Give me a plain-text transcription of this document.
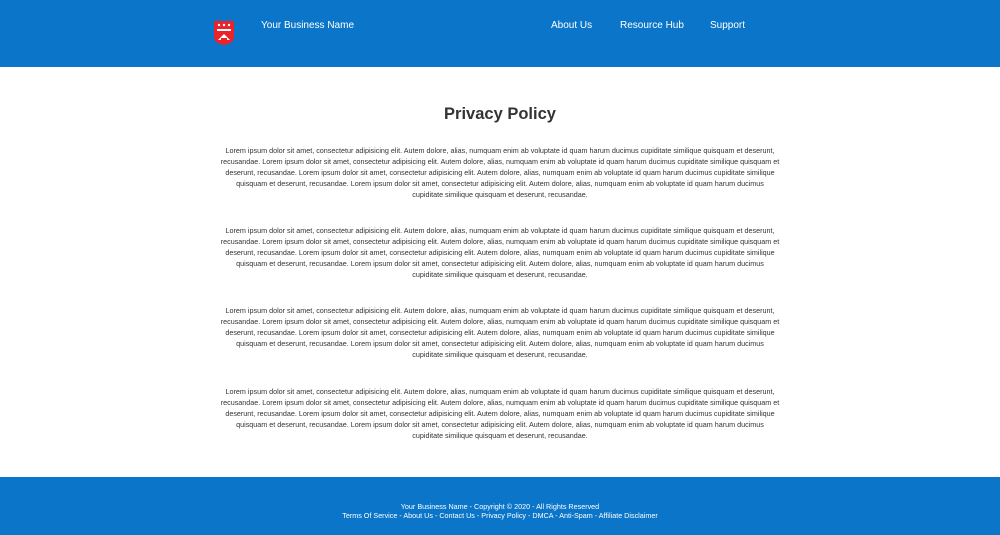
Your Business Name	About Us	Resource Hub	Support
Privacy Policy

Lorem ipsum dolor sit amet, consectetur adipisicing elit. Autem dolore, alias, numquam enim ab voluptate id quam harum ducimus cupiditate similique quisquam et deserunt, recusandae. Lorem ipsum dolor sit amet, consectetur adipisicing elit. Autem dolore, alias, numquam enim ab voluptate id quam harum ducimus cupiditate similique quisquam et deserunt, recusandae. Lorem ipsum dolor sit amet, consectetur adipisicing elit. Autem dolore, alias, numquam enim ab voluptate id quam harum ducimus cupiditate similique quisquam et deserunt, recusandae. Lorem ipsum dolor sit amet, consectetur adipisicing elit. Autem dolore, alias, numquam enim ab voluptate id quam harum ducimus cupiditate similique quisquam et deserunt, recusandae.

Lorem ipsum dolor sit amet, consectetur adipisicing elit. Autem dolore, alias, numquam enim ab voluptate id quam harum ducimus cupiditate similique quisquam et deserunt, recusandae. Lorem ipsum dolor sit amet, consectetur adipisicing elit. Autem dolore, alias, numquam enim ab voluptate id quam harum ducimus cupiditate similique quisquam et deserunt, recusandae. Lorem ipsum dolor sit amet, consectetur adipisicing elit. Autem dolore, alias, numquam enim ab voluptate id quam harum ducimus cupiditate similique quisquam et deserunt, recusandae. Lorem ipsum dolor sit amet, consectetur adipisicing elit. Autem dolore, alias, numquam enim ab voluptate id quam harum ducimus cupiditate similique quisquam et deserunt, recusandae.

Lorem ipsum dolor sit amet, consectetur adipisicing elit. Autem dolore, alias, numquam enim ab voluptate id quam harum ducimus cupiditate similique quisquam et deserunt, recusandae. Lorem ipsum dolor sit amet, consectetur adipisicing elit. Autem dolore, alias, numquam enim ab voluptate id quam harum ducimus cupiditate similique quisquam et deserunt, recusandae. Lorem ipsum dolor sit amet, consectetur adipisicing elit. Autem dolore, alias, numquam enim ab voluptate id quam harum ducimus cupiditate similique quisquam et deserunt, recusandae. Lorem ipsum dolor sit amet, consectetur adipisicing elit. Autem dolore, alias, numquam enim ab voluptate id quam harum ducimus cupiditate similique quisquam et deserunt, recusandae.

Lorem ipsum dolor sit amet, consectetur adipisicing elit. Autem dolore, alias, numquam enim ab voluptate id quam harum ducimus cupiditate similique quisquam et deserunt, recusandae. Lorem ipsum dolor sit amet, consectetur adipisicing elit. Autem dolore, alias, numquam enim ab voluptate id quam harum ducimus cupiditate similique quisquam et deserunt, recusandae. Lorem ipsum dolor sit amet, consectetur adipisicing elit. Autem dolore, alias, numquam enim ab voluptate id quam harum ducimus cupiditate similique quisquam et deserunt, recusandae. Lorem ipsum dolor sit amet, consectetur adipisicing elit. Autem dolore, alias, numquam enim ab voluptate id quam harum ducimus cupiditate similique quisquam et deserunt, recusandae.

Your Business Name - Copyright © 2020 - All Rights Reserved
Terms Of Service - About Us - Contact Us - Privacy Policy - DMCA - Anti-Spam - Affiliate Disclaimer
